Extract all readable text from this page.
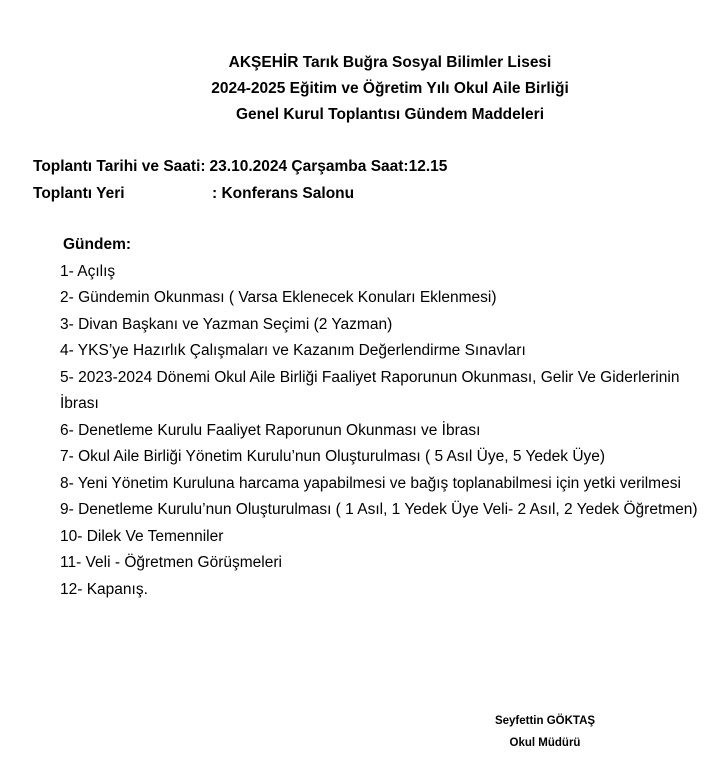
AKŞEHİR Tarık Buğra Sosyal Bilimler Lisesi
2024-2025 Eğitim ve Öğretim Yılı Okul Aile Birliği
Genel Kurul Toplantısı Gündem Maddeleri
Toplantı Tarihi ve Saati: 23.10.2024 Çarşamba Saat:12.15
Toplantı Yeri	: Konferans Salonu
Gündem:
1- Açılış
2- Gündemin Okunması ( Varsa Eklenecek Konuları Eklenmesi)
3- Divan Başkanı ve Yazman Seçimi (2 Yazman)
4- YKS’ye Hazırlık Çalışmaları ve Kazanım Değerlendirme Sınavları
5- 2023-2024 Dönemi Okul Aile Birliği Faaliyet Raporunun Okunması, Gelir Ve Giderlerinin İbrası
6- Denetleme Kurulu Faaliyet Raporunun Okunması ve İbrası
7- Okul Aile Birliği Yönetim Kurulu’nun Oluşturulması ( 5 Asıl Üye, 5 Yedek Üye)
8- Yeni Yönetim Kuruluna harcama yapabilmesi ve bağış toplanabilmesi için yetki verilmesi
9- Denetleme Kurulu’nun Oluşturulması ( 1 Asıl, 1 Yedek Üye Veli- 2 Asıl, 2 Yedek Öğretmen)
10- Dilek Ve Temenniler
11- Veli - Öğretmen Görüşmeleri
12- Kapanış.
Seyfettin GÖKTAŞ
Okul Müdürü
